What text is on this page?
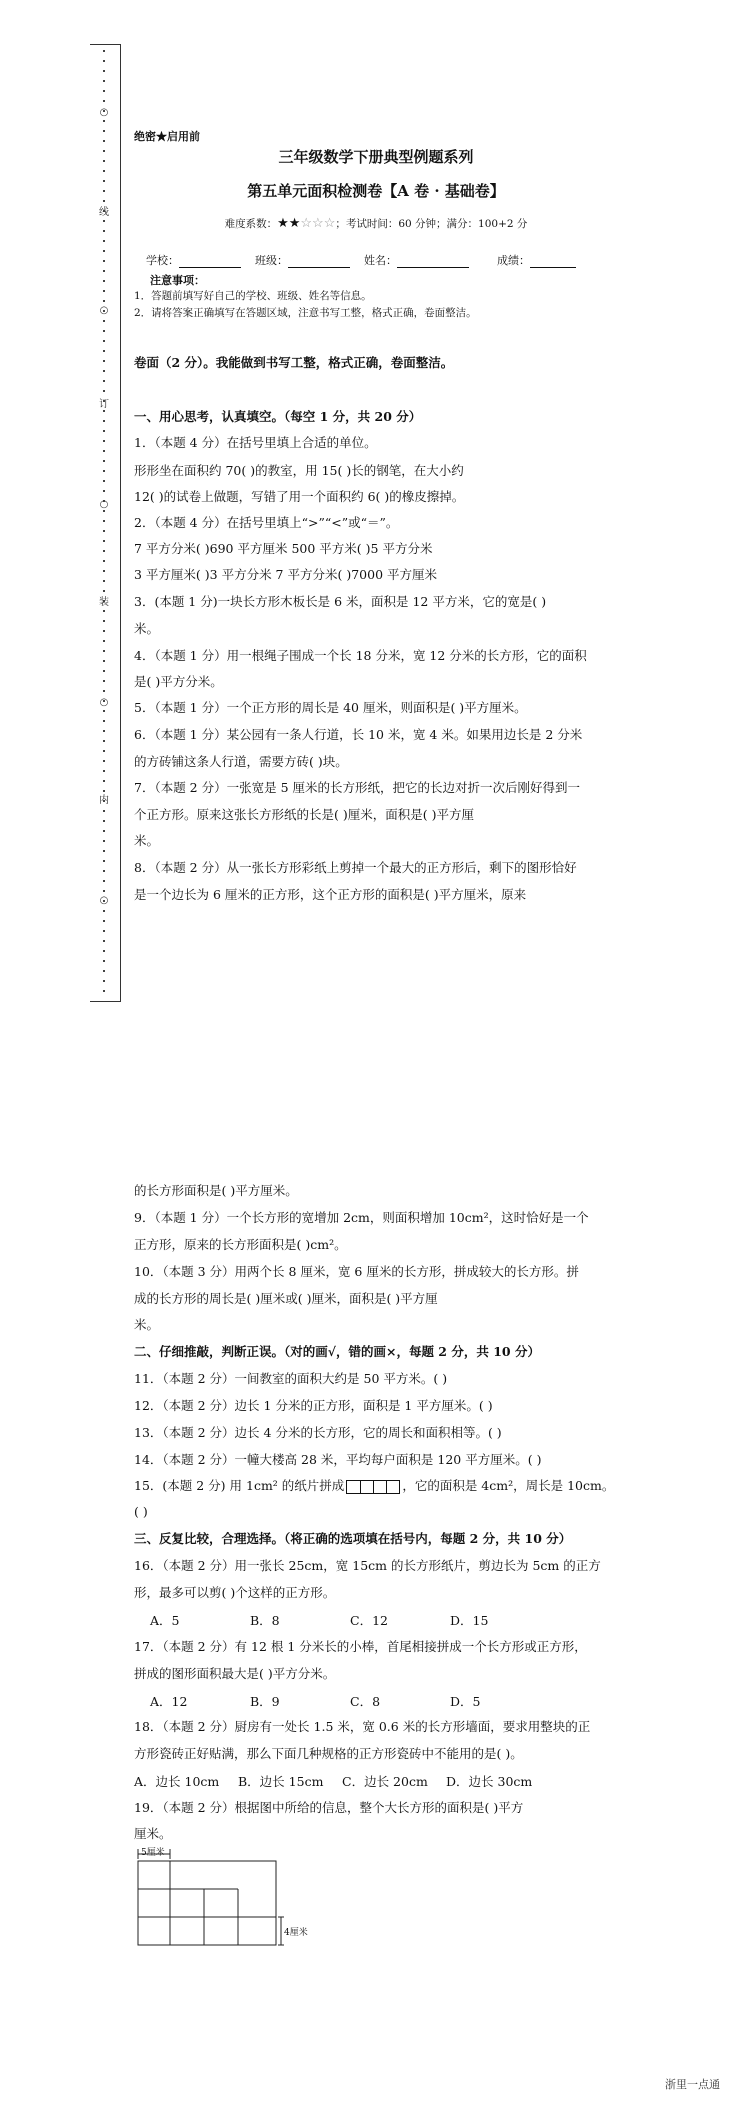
○
线
○
订
○
装
○
内
○
绝密★启用前
三年级数学下册典型例题系列
第五单元面积检测卷【A 卷 · 基础卷】
难度系数：★★☆☆☆；考试时间：60 分钟；满分：100+2 分
学校：	班级：	姓名：	成绩：
注意事项：
1．答题前填写好自己的学校、班级、姓名等信息。
2．请将答案正确填写在答题区域，注意书写工整，格式正确，卷面整洁。
卷面（2 分）。我能做到书写工整，格式正确，卷面整洁。
一、用心思考，认真填空。（每空 1 分，共 20 分）
1．（本题 4 分）在括号里填上合适的单位。
形形坐在面积约 70( )的教室，用 15( )长的钢笔，在大小约
12( )的试卷上做题，写错了用一个面积约 6( )的橡皮擦掉。
2．（本题 4 分）在括号里填上“>”“<”或“＝”。
7 平方分米( )690 平方厘米 500 平方米( )5 平方分米
3 平方厘米( )3 平方分米 7 平方分米( )7000 平方厘米
3．(本题 1 分)一块长方形木板长是 6 米，面积是 12 平方米，它的宽是( )
米。
4．（本题 1 分）用一根绳子围成一个长 18 分米，宽 12 分米的长方形，它的面积
是( )平方分米。
5．（本题 1 分）一个正方形的周长是 40 厘米，则面积是( )平方厘米。
6．（本题 1 分）某公园有一条人行道，长 10 米，宽 4 米。如果用边长是 2 分米
的方砖铺这条人行道，需要方砖( )块。
7．（本题 2 分）一张宽是 5 厘米的长方形纸，把它的长边对折一次后刚好得到一
个正方形。原来这张长方形纸的长是( )厘米，面积是( )平方厘
米。
8．（本题 2 分）从一张长方形彩纸上剪掉一个最大的正方形后，剩下的图形恰好
是一个边长为 6 厘米的正方形，这个正方形的面积是( )平方厘米，原来
的长方形面积是( )平方厘米。
9．（本题 1 分）一个长方形的宽增加 2cm，则面积增加 10cm²，这时恰好是一个
正方形，原来的长方形面积是( )cm²。
10．（本题 3 分）用两个长 8 厘米，宽 6 厘米的长方形，拼成较大的长方形。拼
成的长方形的周长是( )厘米或( )厘米，面积是( )平方厘
米。
二、仔细推敲，判断正误。（对的画√，错的画×，每题 2 分，共 10 分）
11．（本题 2 分）一间教室的面积大约是 50 平方米。( )
12．（本题 2 分）边长 1 分米的正方形，面积是 1 平方厘米。( )
13．（本题 2 分）边长 4 分米的长方形，它的周长和面积相等。( )
14．（本题 2 分）一幢大楼高 28 米，平均每户面积是 120 平方厘米。( )
15．(本题 2 分) 用 1cm² 的纸片拼成	，它的面积是 4cm²，周长是 10cm。
( )
三、反复比较，合理选择。（将正确的选项填在括号内，每题 2 分，共 10 分）
16．（本题 2 分）用一张长 25cm，宽 15cm 的长方形纸片，剪边长为 5cm 的正方
形，最多可以剪( )个这样的正方形。
A．5	B．8	C．12	D．15
17．（本题 2 分）有 12 根 1 分米长的小棒，首尾相接拼成一个长方形或正方形，
拼成的图形面积最大是( )平方分米。
A．12	B．9	C．8	D．5
18．（本题 2 分）厨房有一处长 1.5 米，宽 0.6 米的长方形墙面，要求用整块的正
方形瓷砖正好贴满，那么下面几种规格的正方形瓷砖中不能用的是( )。
A．边长 10cm B．边长 15cm C．边长 20cm D．边长 30cm
19．（本题 2 分）根据图中所给的信息，整个大长方形的面积是( )平方
厘米。
5厘米
4厘米
浙里一点通
